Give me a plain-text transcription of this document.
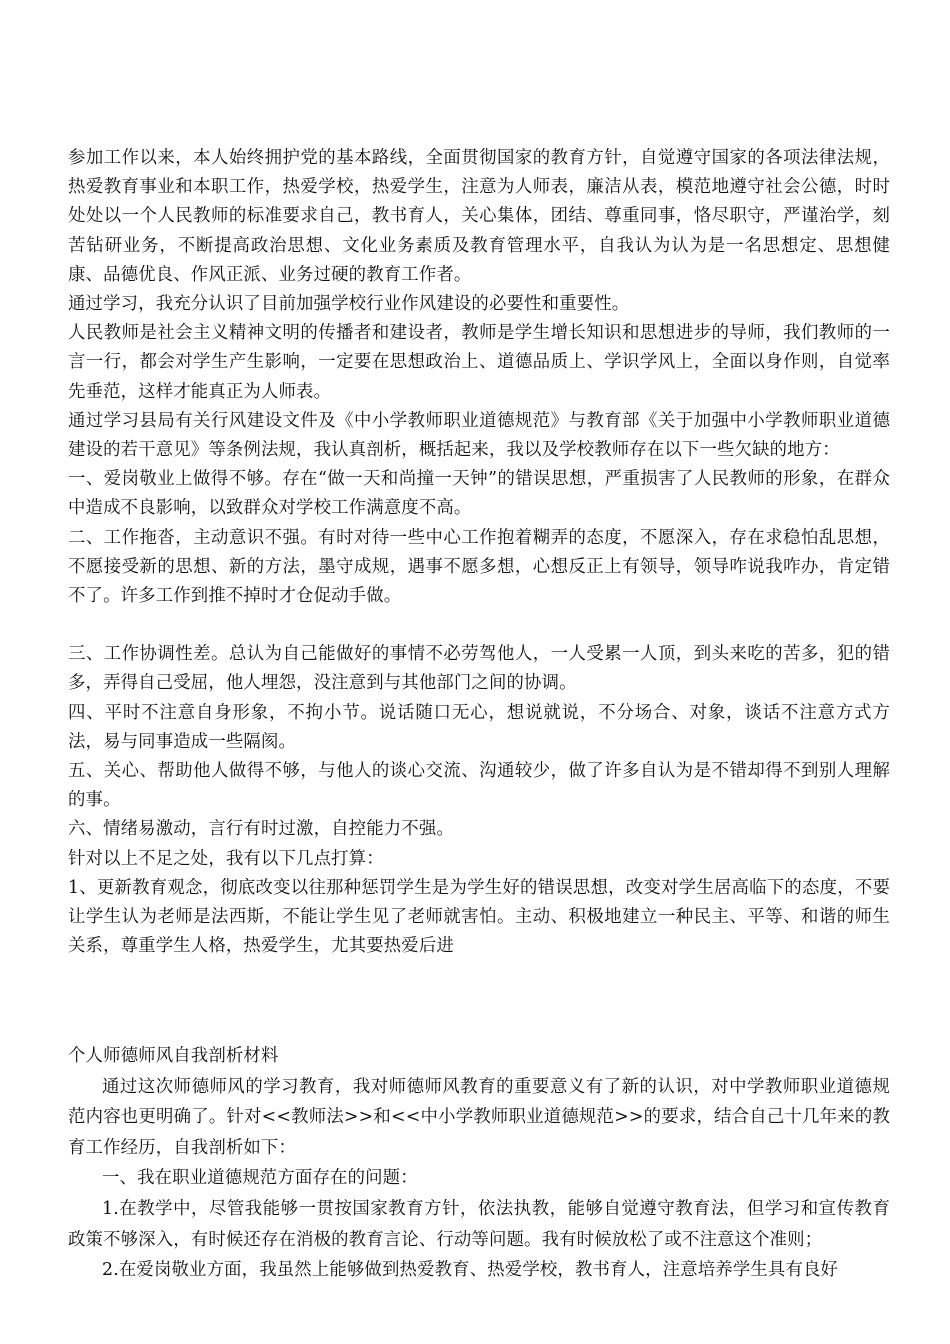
参加工作以来，本人始终拥护党的基本路线，全面贯彻国家的教育方针，自觉遵守国家的各项法律法规，热爱教育事业和本职工作，热爱学校，热爱学生，注意为人师表，廉洁从表，模范地遵守社会公德，时时处处以一个人民教师的标准要求自己，教书育人，关心集体，团结、尊重同事，恪尽职守，严谨治学，刻苦钻研业务，不断提高政治思想、文化业务素质及教育管理水平，自我认为认为是一名思想定、思想健康、品德优良、作风正派、业务过硬的教育工作者。

通过学习，我充分认识了目前加强学校行业作风建设的必要性和重要性。

人民教师是社会主义精神文明的传播者和建设者，教师是学生增长知识和思想进步的导师，我们教师的一言一行，都会对学生产生影响，一定要在思想政治上、道德品质上、学识学风上，全面以身作则，自觉率先垂范，这样才能真正为人师表。

通过学习县局有关行风建设文件及《中小学教师职业道德规范》与教育部《关于加强中小学教师职业道德建设的若干意见》等条例法规，我认真剖析，概括起来，我以及学校教师存在以下一些欠缺的地方：

一、爱岗敬业上做得不够。存在“做一天和尚撞一天钟”的错误思想，严重损害了人民教师的形象，在群众中造成不良影响，以致群众对学校工作满意度不高。

二、工作拖沓，主动意识不强。有时对待一些中心工作抱着糊弄的态度，不愿深入，存在求稳怕乱思想，不愿接受新的思想、新的方法，墨守成规，遇事不愿多想，心想反正上有领导，领导咋说我咋办，肯定错不了。许多工作到推不掉时才仓促动手做。

三、工作协调性差。总认为自己能做好的事情不必劳驾他人，一人受累一人顶，到头来吃的苦多，犯的错多，弄得自己受屈，他人埋怨，没注意到与其他部门之间的协调。

四、平时不注意自身形象，不拘小节。说话随口无心，想说就说，不分场合、对象，谈话不注意方式方法，易与同事造成一些隔阂。

五、关心、帮助他人做得不够，与他人的谈心交流、沟通较少，做了许多自认为是不错却得不到别人理解的事。

六、情绪易激动，言行有时过激，自控能力不强。

针对以上不足之处，我有以下几点打算：

1、更新教育观念，彻底改变以往那种惩罚学生是为学生好的错误思想，改变对学生居高临下的态度，不要让学生认为老师是法西斯，不能让学生见了老师就害怕。主动、积极地建立一种民主、平等、和谐的师生关系，尊重学生人格，热爱学生，尤其要热爱后进

个人师德师风自我剖析材料

通过这次师德师风的学习教育，我对师德师风教育的重要意义有了新的认识，对中学教师职业道德规范内容也更明确了。针对<<教师法>>和<<中小学教师职业道德规范>>的要求，结合自己十几年来的教育工作经历，自我剖析如下：

一、我在职业道德规范方面存在的问题：

1.在教学中，尽管我能够一贯按国家教育方针，依法执教，能够自觉遵守教育法，但学习和宣传教育政策不够深入，有时候还存在消极的教育言论、行动等问题。我有时候放松了或不注意这个准则；

2.在爱岗敬业方面，我虽然上能够做到热爱教育、热爱学校，教书育人，注意培养学生具有良好
